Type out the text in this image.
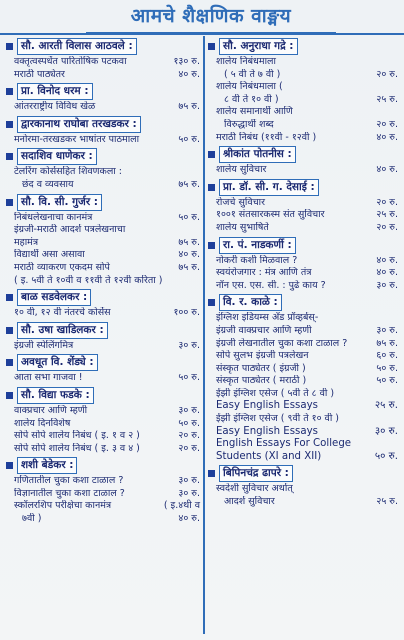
आमचे शैक्षणिक वाङ्मय
सौ. आरती विलास आठवले :
वक्तृत्वस्पर्धेत पारितोषिक पटकवा	१३० रु.
मराठी पाठ्येतर	४० रु.
प्रा. विनोद धरम :
आंतरराष्ट्रीय विविध खेळ	७५ रु.
द्वारकानाथ राघोबा तरखडकर :
मनोरमा-तरखडकर भाषांतर पाठमाला	५० रु.
सदाशिव धाणेकर :
टेलरिंग कोर्ससहित शिवणकला :
छंद व व्यवसाय	७५ रु.
सौ. वि. सी. गुर्जर :
निबंधलेखनाचा कानमंत्र	५० रु.
इंग्रजी-मराठी आदर्श पत्रलेखनाचा
महामंत्र	७५ रु.
विद्यार्थी असा असावा	४० रु.
मराठी व्याकरण एकदम सोपे	७५ रु.
( इ. ५वी ते १०वी व ११वी ते १२वी करिता )
बाळ सडवेलकर :
१० वी, १२ वी नंतरचे कोर्सेस	१०० रु.
सौ. उषा खाडिलकर :
इंग्रजी स्पेलिंगमित्र	३० रु.
अवधूत वि. शेंड्ये :
आता सभा गाजवा !	५० रु.
सौ. विद्या फडके :
वाक्प्रचार आणि म्हणी	३० रु.
शालेय दिनविशेष	५० रु.
सोपे सोपे शालेय निबंध ( इ. १ व २ )	२० रु.
सोपे सोपे शालेय निबंध ( इ. ३ व ४ )	२० रु.
शशी बेडेकर :
गणितातील चुका कशा टाळाल ?	३० रु.
विज्ञानातील चुका कशा टाळाल ?	३० रु.
स्कॉलरशिप परीक्षेचा कानमंत्र	( इ.४थी व
७वी )	४० रु.
सौ. अनुराधा गद्रे :
शालेय निबंधमाला
( ५ वी ते ७ वी )	२० रु.
शालेय निबंधमाला (
८ वी ते १० वी )	२५ रु.
शालेय समानार्थी आणि
विरुद्धार्थी शब्द	२० रु.
मराठी निबंध (११वी - १२वी )	४० रु.
श्रीकांत पोतनीस :
शालेय सुविचार	४० रु.
प्रा. डॉ. सी. ग. देसाई :
रोजचे सुविचार	२० रु.
१००१ संतसारकस्म संत सुविचार	२५ रु.
शालेय सुभाषिते	२० रु.
रा. पं. नाडकर्णी :
नोकरी कशी मिळवाल ?	४० रु.
स्वयंरोजगार : मंत्र आणि तंत्र	४० रु.
नॉन एस. एस. सी. : पुढे काय ?	३० रु.
वि. र. काळे :
इंग्लिश इडियम्स अँड प्रॉव्हर्बस्-
इंग्रजी वाक्प्रचार आणि म्हणी	३० रु.
इंग्रजी लेखनातील चुका कशा टाळाल ?	७५ रु.
सोपे सुलभ इंग्रजी पत्रलेखन	६० रु.
संस्कृत पाठ्येतर ( इंग्रजी )	५० रु.
संस्कृत पाठ्येतर ( मराठी )	५० रु.
ईझी इंग्लिश एसेज ( ५वी ते ८ वी )
Easy English Essays	२५ रु.
ईझी इंग्लिश एसेज ( ९वी ते १० वी )
Easy English Essays	३० रु.
English Essays For College
Students (XI and XII)	५० रु.
बिपिनचंद्र ढापरे :
स्वदेशी सुविचार अर्थात्
आदर्श सुविचार	२५ रु.
